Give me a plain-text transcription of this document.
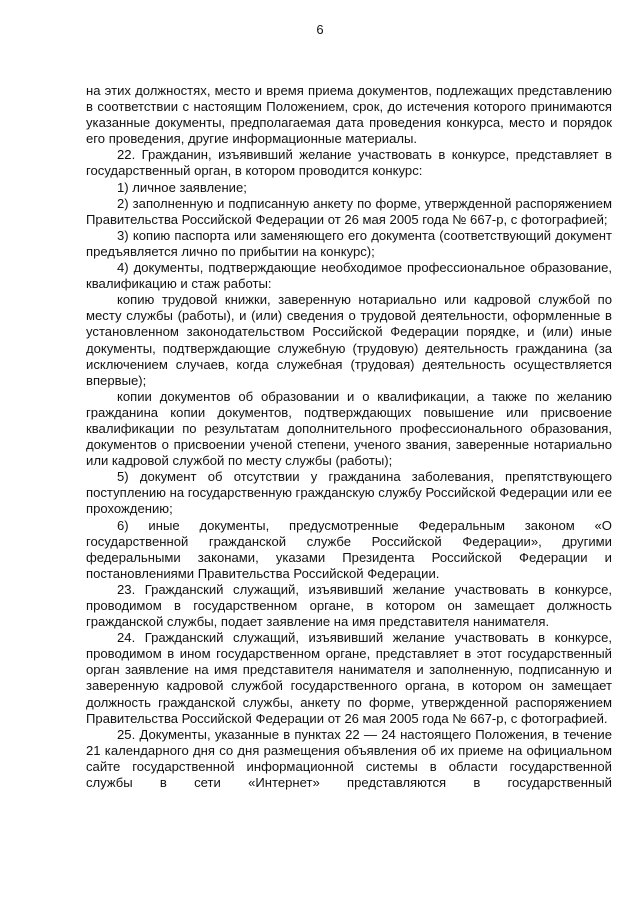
6

на этих должностях, место и время приема документов, подлежащих представлению в соответствии с настоящим Положением, срок, до истечения которого принимаются указанные документы, предполагаемая дата проведения конкурса, место и порядок его проведения, другие информационные материалы.

22. Гражданин, изъявивший желание участвовать в конкурсе, представляет в государственный орган, в котором проводится конкурс:

1) личное заявление;

2) заполненную и подписанную анкету по форме, утвержденной распоряжением Правительства Российской Федерации от 26 мая 2005 года № 667-р, с фотографией;

3) копию паспорта или заменяющего его документа (соответствующий документ предъявляется лично по прибытии на конкурс);

4) документы, подтверждающие необходимое профессиональное образование, квалификацию и стаж работы:

копию трудовой книжки, заверенную нотариально или кадровой службой по месту службы (работы), и (или) сведения о трудовой деятельности, оформленные в установленном законодательством Российской Федерации порядке, и (или) иные документы, подтверждающие служебную (трудовую) деятельность гражданина (за исключением случаев, когда служебная (трудовая) деятельность осуществляется впервые);

копии документов об образовании и о квалификации, а также по желанию гражданина копии документов, подтверждающих повышение или присвоение квалификации по результатам дополнительного профессионального образования, документов о присвоении ученой степени, ученого звания, заверенные нотариально или кадровой службой по месту службы (работы);

5) документ об отсутствии у гражданина заболевания, препятствующего поступлению на государственную гражданскую службу Российской Федерации или ее прохождению;

6) иные документы, предусмотренные Федеральным законом «О государственной гражданской службе Российской Федерации», другими федеральными законами, указами Президента Российской Федерации и постановлениями Правительства Российской Федерации.

23. Гражданский служащий, изъявивший желание участвовать в конкурсе, проводимом в государственном органе, в котором он замещает должность гражданской службы, подает заявление на имя представителя нанимателя.

24. Гражданский служащий, изъявивший желание участвовать в конкурсе, проводимом в ином государственном органе, представляет в этот государственный орган заявление на имя представителя нанимателя и заполненную, подписанную и заверенную кадровой службой государственного органа, в котором он замещает должность гражданской службы, анкету по форме, утвержденной распоряжением Правительства Российской Федерации от 26 мая 2005 года № 667-р, с фотографией.

25. Документы, указанные в пунктах 22 — 24 настоящего Положения, в течение 21 календарного дня со дня размещения объявления об их приеме на официальном сайте государственной информационной системы в области государственной службы в сети «Интернет» представляются в государственный
